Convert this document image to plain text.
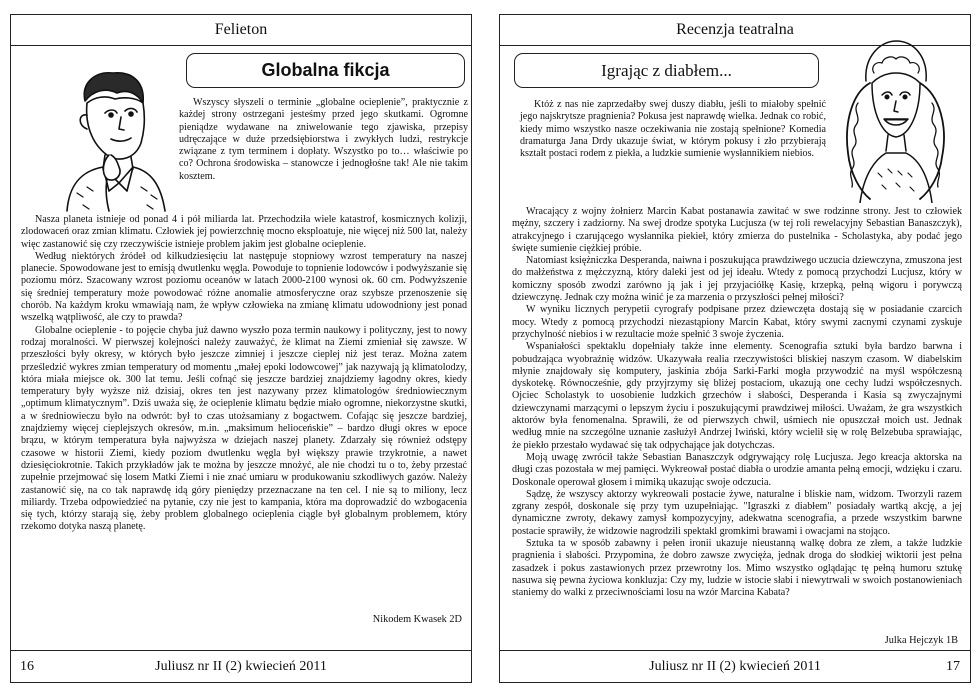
Felieton
Globalna fikcja

Wszyscy słyszeli o terminie „globalne ocieplenie”, praktycznie z każdej strony ostrzegani jesteśmy przed jego skutkami. Ogromne pieniądze wydawane na zniwelowanie tego zjawiska, przepisy udręczające w duże przedsiębiorstwa i zwykłych ludzi, restrykcje związane z tym terminem i dopłaty. Wszystko po to… właściwie po co? Ochrona środowiska – stanowcze i jednogłośne tak! Ale nie takim kosztem.

Nasza planeta istnieje od ponad 4 i pół miliarda lat. Przechodziła wiele katastrof, kosmicznych kolizji, zlodowaceń oraz zmian klimatu. Człowiek jej powierzchnię mocno eksploatuje, nie więcej niż 500 lat, należy więc zastanowić się czy rzeczywiście istnieje problem jakim jest globalne ocieplenie.

Według niektórych źródeł od kilkudziesięciu lat następuje stopniowy wzrost temperatury na naszej planecie. Spowodowane jest to emisją dwutlenku węgla. Powoduje to topnienie lodowców i podwyższanie się poziomu mórz. Szacowany wzrost poziomu oceanów w latach 2000-2100 wynosi ok. 60 cm. Podwyższenie się średniej temperatury może powodować różne anomalie atmosferyczne oraz szybsze przenoszenie się chorób. Na każdym kroku wmawiają nam, że wpływ człowieka na zmianę klimatu udowodniony jest ponad wszelką wątpliwość, ale czy to prawda?

Globalne ocieplenie - to pojęcie chyba już dawno wyszło poza termin naukowy i polityczny, jest to nowy rodzaj moralności. W pierwszej kolejności należy zauważyć, że klimat na Ziemi zmieniał się zawsze. W przeszłości były okresy, w których było jeszcze zimniej i jeszcze cieplej niż jest teraz. Można zatem prześledzić wykres zmian temperatury od momentu „małej epoki lodowcowej” jak nazywają ją klimatolodzy, która miała miejsce ok. 300 lat temu. Jeśli cofnąć się jeszcze bardziej znajdziemy łagodny okres, kiedy temperatury były wyższe niż dzisiaj, okres ten jest nazywany przez klimatologów średniowiecznym „optimum klimatycznym”. Dziś uważa się, że ocieplenie klimatu będzie miało ogromne, niekorzystne skutki, a w średniowieczu było na odwrót: był to czas utożsamiany z bogactwem. Cofając się jeszcze bardziej, znajdziemy więcej cieplejszych okresów, m.in. „maksimum helioceńskie” – bardzo długi okres w epoce brązu, w którym temperatura była najwyższa w dziejach naszej planety. Zdarzały się również odstępy czasowe w historii Ziemi, kiedy poziom dwutlenku węgla był większy prawie trzykrotnie, a nawet dziesięciokrotnie. Takich przykładów jak te można by jeszcze mnożyć, ale nie chodzi tu o to, żeby przestać zupełnie przejmować się losem Matki Ziemi i nie znać umiaru w produkowaniu szkodliwych gazów. Należy zastanowić się, na co tak naprawdę idą góry pieniędzy przeznaczane na ten cel. I nie są to miliony, lecz miliardy. Trzeba odpowiedzieć na pytanie, czy nie jest to kampania, która ma doprowadzić do wzbogacenia się tych, którzy starają się, żeby problem globalnego ocieplenia ciągle był globalnym problemem, który rzekomo dotyka naszą planetę.

Nikodem Kwasek 2D
16	Juliusz nr II (2) kwiecień 2011
Recenzja teatralna
Igrając z diabłem...

Któż z nas nie zaprzedałby swej duszy diabłu, jeśli to miałoby spełnić jego najskrytsze pragnienia? Pokusa jest naprawdę wielka. Jednak co robić, kiedy mimo wszystko nasze oczekiwania nie zostają spełnione? Komedia dramaturga Jana Drdy ukazuje świat, w którym pokusy i zło przybierają kształt postaci rodem z piekła, a ludzkie sumienie wysłannikiem niebios.

Wracający z wojny żołnierz Marcin Kabat postanawia zawitać w swe rodzinne strony. Jest to człowiek mężny, szczery i zadziorny. Na swej drodze spotyka Lucjusza (w tej roli rewelacyjny Sebastian Banaszczyk), atrakcyjnego i czarującego wysłannika piekieł, który zmierza do pustelnika - Scholastyka, aby podać jego święte sumienie ciężkiej próbie.

Natomiast księżniczka Desperanda, naiwna i poszukująca prawdziwego uczucia dziewczyna, zmuszona jest do małżeństwa z mężczyzną, który daleki jest od jej ideału. Wtedy z pomocą przychodzi Lucjusz, który w komiczny sposób zwodzi zarówno ją jak i jej przyjaciółkę Kasię, krzepką, pełną wigoru i porywczą dziewczynę. Jednak czy można winić je za marzenia o przyszłości pełnej miłości?

W wyniku licznych perypetii cyrografy podpisane przez dziewczęta dostają się w posiadanie czarcich mocy. Wtedy z pomocą przychodzi niezastąpiony Marcin Kabat, który swymi zacnymi czynami zyskuje przychylność niebios i w rezultacie może spełnić 3 swoje życzenia.

Wspaniałości spektaklu dopełniały także inne elementy. Scenografia sztuki była bardzo barwna i pobudzająca wyobraźnię widzów. Ukazywała realia rzeczywistości bliskiej naszym czasom. W diabelskim młynie znajdowały się komputery, jaskinia zbója Sarki-Farki mogła przywodzić na myśl współczesną dyskotekę. Równocześnie, gdy przyjrzymy się bliżej postaciom, ukazują one cechy ludzi współczesnych. Ojciec Scholastyk to uosobienie ludzkich grzechów i słabości, Desperanda i Kasia są zwyczajnymi dziewczynami marzącymi o lepszym życiu i poszukującymi prawdziwej miłości. Uważam, że gra wszystkich aktorów była fenomenalna. Sprawili, że od pierwszych chwil, uśmiech nie opuszczał moich ust. Jednak według mnie na szczególne uznanie zasłużył Andrzej Iwiński, który wcielił się w rolę Belzebuba sprawiając, że piekło przestało wydawać się tak odpychające jak dotychczas.

Moją uwagę zwrócił także Sebastian Banaszczyk odgrywający rolę Lucjusza. Jego kreacja aktorska na długi czas pozostała w mej pamięci. Wykreował postać diabła o urodzie amanta pełną emocji, wdzięku i czaru. Doskonale operował głosem i mimiką ukazując swoje odczucia.

Sądzę, że wszyscy aktorzy wykreowali postacie żywe, naturalne i bliskie nam, widzom. Tworzyli razem zgrany zespół, doskonale się przy tym uzupełniając. "Igraszki z diabłem" posiadały wartką akcję, a jej dynamiczne zwroty, dekawy zamysł kompozycyjny, adekwatna scenografia, a przede wszystkim barwne postacie sprawiły, że widzowie nagrodzili spektakl gromkimi brawami i owacjami na stojąco.

Sztuka ta w sposób zabawny i pełen ironii ukazuje nieustanną walkę dobra ze złem, a także ludzkie pragnienia i słabości. Przypomina, że dobro zawsze zwycięża, jednak droga do słodkiej wiktorii jest pełna zasadzek i pokus zastawionych przez przewrotny los. Mimo wszystko oglądając tę pełną humoru sztukę nasuwa się pewna życiowa konkluzja: Czy my, ludzie w istocie słabi i niewytrwali w swoich postanowieniach staniemy do walki z przeciwnościami losu na wzór Marcina Kabata?

Julka Hejczyk 1B
Juliusz nr II (2) kwiecień 2011	17
